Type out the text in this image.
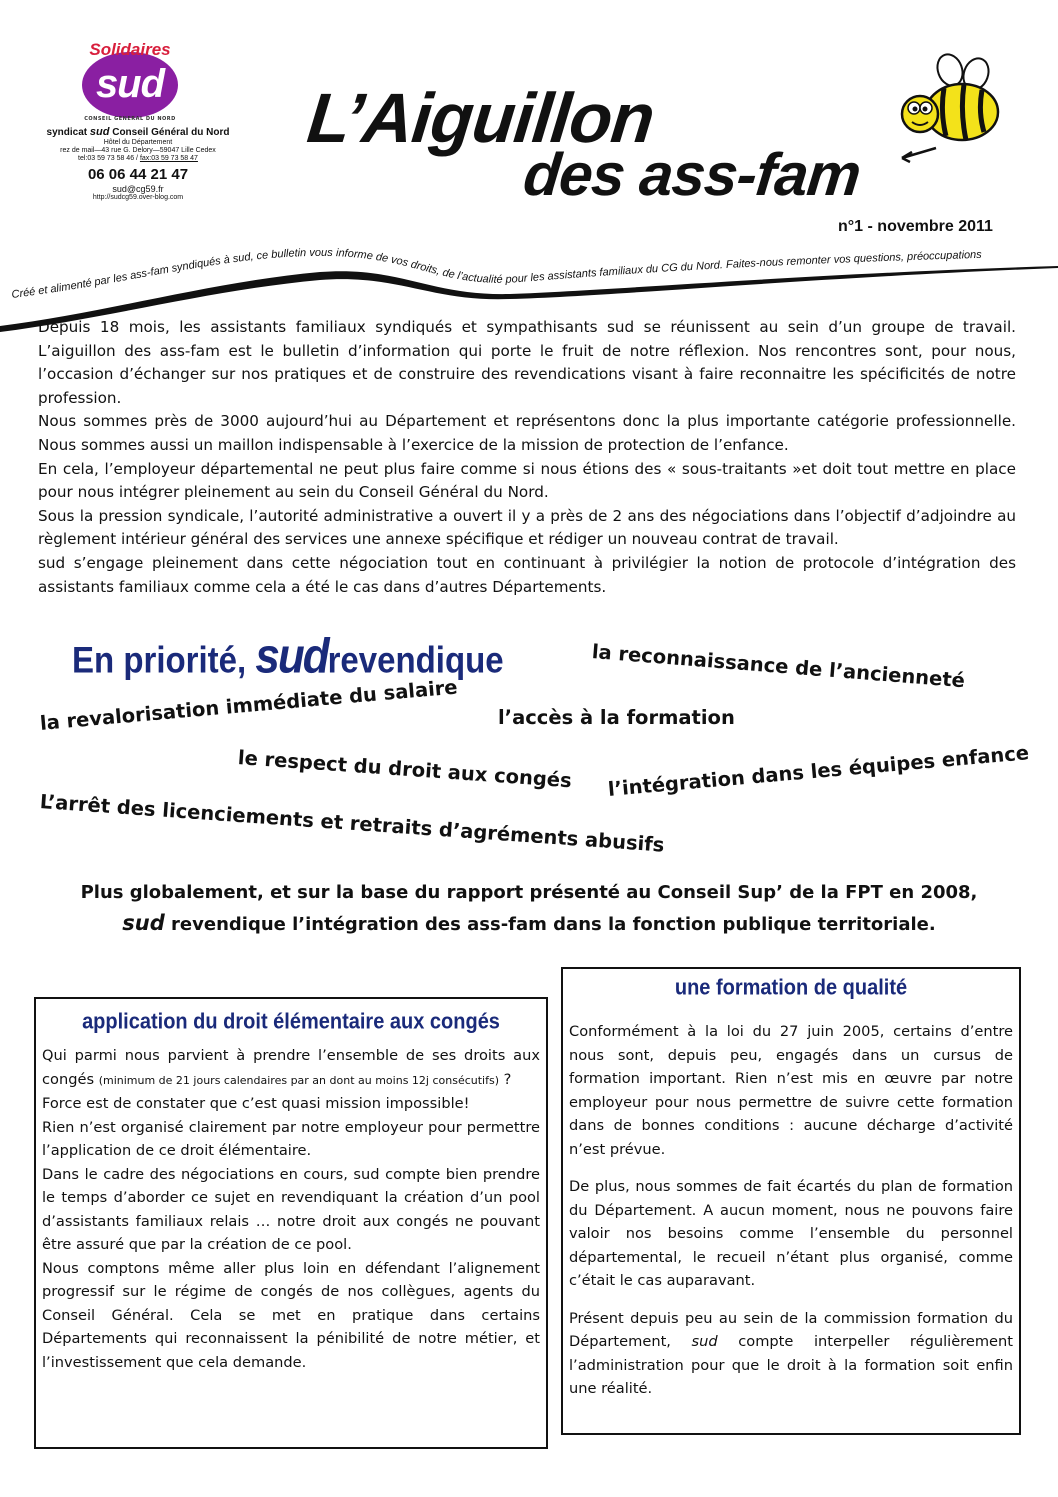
Solidaires
sud
CONSEIL GENERAL DU NORD
syndicat sud Conseil Général du Nord
Hôtel du Département
rez de mail—43 rue G. Delory—59047 Lille Cedex
tel:03 59 73 58 46 / fax:03 59 73 58 47
06 06 44 21 47
sud@cg59.fr
http://sudcg59.over-blog.com
L’Aiguillon
des ass-fam
n°1 - novembre 2011
Créé et alimenté par les ass-fam syndiqués à sud, ce bulletin vous informe de vos droits, de l’actualité pour les assistants familiaux du CG du Nord. Faites-nous remonter vos questions, préoccupations

Depuis 18 mois, les assistants familiaux syndiqués et sympathisants sud se réunissent au sein d’un groupe de travail. L’aiguillon des ass-fam est le bulletin d’information qui porte le fruit de notre réflexion. Nos rencontres sont, pour nous, l’occasion d’échanger sur nos pratiques et de construire des revendications visant à faire reconnaitre les spécificités de notre profession.

Nous sommes près de 3000 aujourd’hui au Département et représentons donc la plus importante catégorie professionnelle. Nous sommes aussi un maillon indispensable à l’exercice de la mission de protection de l’enfance.

En cela, l’employeur départemental ne peut plus faire comme si nous étions des « sous-traitants »et doit tout mettre en place pour nous intégrer pleinement au sein du Conseil Général du Nord.

Sous la pression syndicale, l’autorité administrative a ouvert il y a près de 2 ans des négociations dans l’objectif d’adjoindre au règlement intérieur général des services une annexe spécifique et rédiger un nouveau contrat de travail.

sud s’engage pleinement dans cette négociation tout en continuant à privilégier la notion de protocole d’intégration des assistants familiaux comme cela a été le cas dans d’autres Départements.

En priorité, sudrevendique	la reconnaissance de l’ancienneté
la revalorisation immédiate du salaire l’accès à la formation
le respect du droit aux congés l’intégration dans les équipes enfance
L’arrêt des licenciements et retraits d’agréments abusifs
Plus globalement, et sur la base du rapport présenté au Conseil Sup’ de la FPT en 2008,
sud revendique l’intégration des ass-fam dans la fonction publique territoriale.
application du droit élémentaire aux congés

Qui parmi nous parvient à prendre l’ensemble de ses droits aux congés (minimum de 21 jours calendaires par an dont au moins 12j consécutifs) ?

Force est de constater que c’est quasi mission impossible!

Rien n’est organisé clairement par notre employeur pour permettre l’application de ce droit élémentaire.

Dans le cadre des négociations en cours, sud compte bien prendre le temps d’aborder ce sujet en revendiquant la création d’un pool d’assistants familiaux relais … notre droit aux congés ne pouvant être assuré que par la création de ce pool.

Nous comptons même aller plus loin en défendant l’alignement progressif sur le régime de congés de nos collègues, agents du Conseil Général. Cela se met en pratique dans certains Départements qui reconnaissent la pénibilité de notre métier, et l’investissement que cela demande.

une formation de qualité

Conformément à la loi du 27 juin 2005, certains d’entre nous sont, depuis peu, engagés dans un cursus de formation important. Rien n’est mis en œuvre par notre employeur pour nous permettre de suivre cette formation dans de bonnes conditions : aucune décharge d’activité n’est prévue.

De plus, nous sommes de fait écartés du plan de formation du Département. A aucun moment, nous ne pouvons faire valoir nos besoins comme l’ensemble du personnel départemental, le recueil n’étant plus organisé, comme c’était le cas auparavant.

Présent depuis peu au sein de la commission formation du Département, sud compte interpeller régulièrement l’administration pour que le droit à la formation soit enfin une réalité.
